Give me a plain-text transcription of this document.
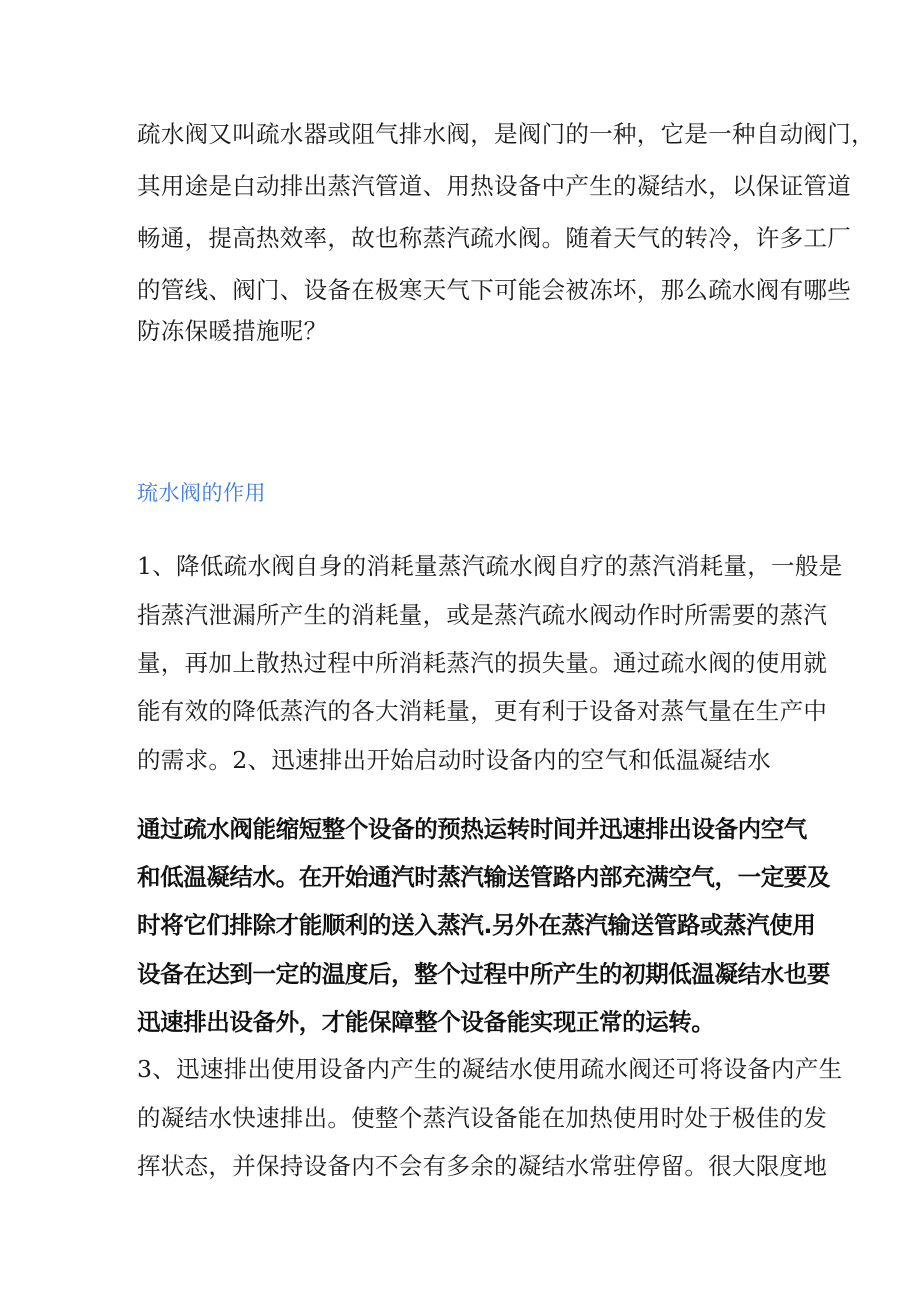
疏水阀又叫疏水器或阻气排水阀，是阀门的一种，它是一种自动阀门，
其用途是白动排出蒸汽管道、用热设备中产生的凝结水，以保证管道
畅通，提高热效率，故也称蒸汽疏水阀。随着天气的转冷，许多工厂
的管线、阀门、设备在极寒天气下可能会被冻坏，那么疏水阀有哪些
防冻保暖措施呢？
琉水阀的作用
1、降低疏水阀自身的消耗量蒸汽疏水阀自疗的蒸汽消耗量，一般是
指蒸汽泄漏所产生的消耗量，或是蒸汽疏水阀动作时所需要的蒸汽
量，再加上散热过程中所消耗蒸汽的损失量。通过疏水阀的使用就
能有效的降低蒸汽的各大消耗量，更有利于设备对蒸气量在生产中
的需求。2、迅速排出开始启动时设备内的空气和低温凝结水
通过疏水阀能缩短整个设备的预热运转时间并迅速排出设备内空气
和低温凝结水。在开始通汽时蒸汽输送管路内部充满空气，一定要及
时将它们排除才能顺利的送入蒸汽.另外在蒸汽输送管路或蒸汽使用
设备在达到一定的温度后，整个过程中所产生的初期低温凝结水也要
迅速排出设备外，才能保障整个设备能实现正常的运转。
3、迅速排出使用设备内产生的凝结水使用疏水阀还可将设备内产生
的凝结水快速排出。使整个蒸汽设备能在加热使用时处于极佳的发
挥状态，并保持设备内不会有多余的凝结水常驻停留。很大限度地
